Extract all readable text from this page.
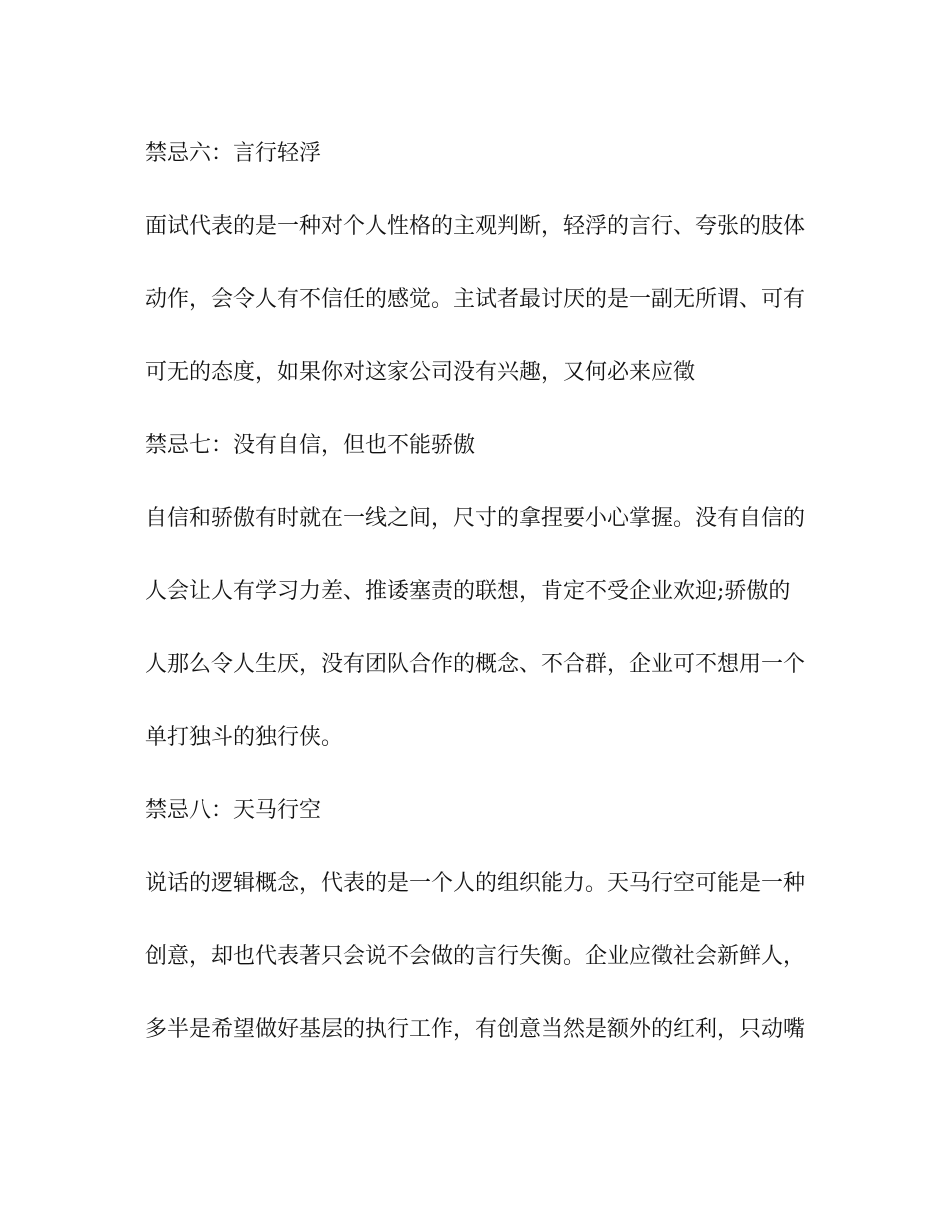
禁忌六：言行轻浮

面试代表的是一种对个人性格的主观判断，轻浮的言行、夸张的肢体

动作，会令人有不信任的感觉。主试者最讨厌的是一副无所谓、可有

可无的态度，如果你对这家公司没有兴趣，又何必来应徵

禁忌七：没有自信，但也不能骄傲

自信和骄傲有时就在一线之间，尺寸的拿捏要小心掌握。没有自信的

人会让人有学习力差、推诿塞责的联想，肯定不受企业欢迎;骄傲的

人那么令人生厌，没有团队合作的概念、不合群，企业可不想用一个

单打独斗的独行侠。

禁忌八：天马行空

说话的逻辑概念，代表的是一个人的组织能力。天马行空可能是一种

创意，却也代表著只会说不会做的言行失衡。企业应徵社会新鲜人，

多半是希望做好基层的执行工作，有创意当然是额外的红利，只动嘴
